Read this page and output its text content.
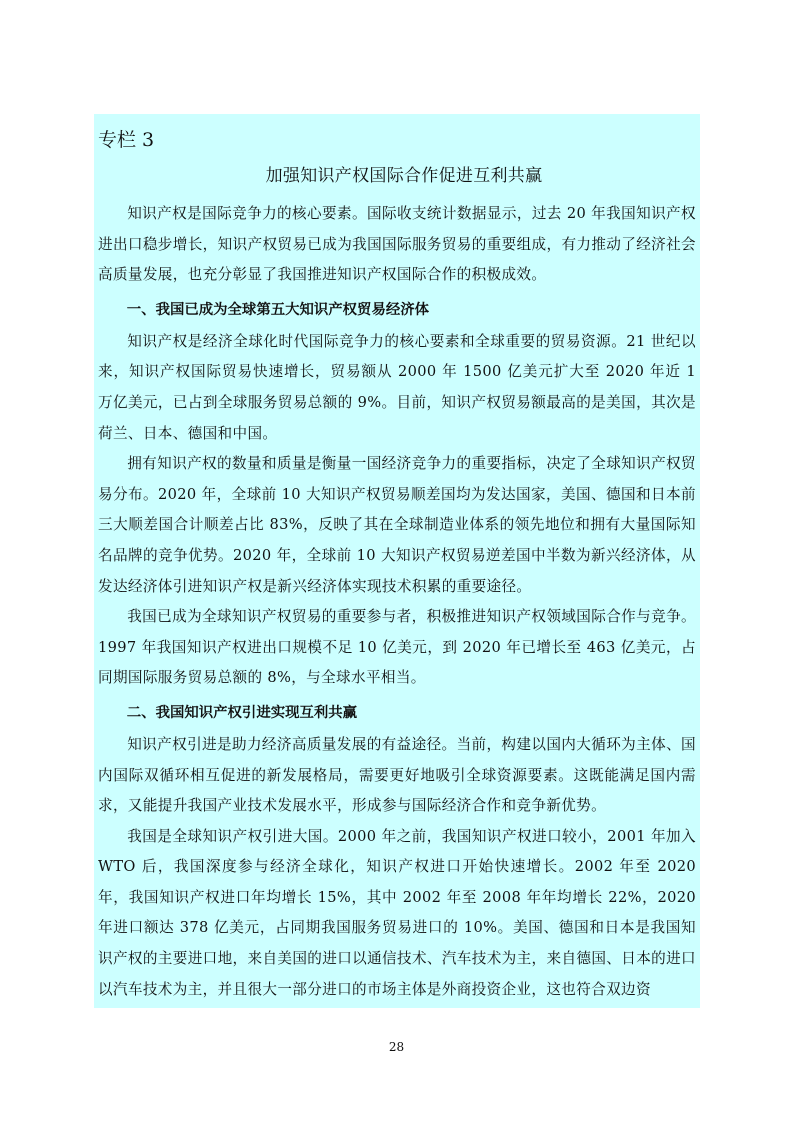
专栏 3
加强知识产权国际合作促进互利共赢

知识产权是国际竞争力的核心要素。国际收支统计数据显示，过去 20 年我国知识产权进出口稳步增长，知识产权贸易已成为我国国际服务贸易的重要组成，有力推动了经济社会高质量发展，也充分彰显了我国推进知识产权国际合作的积极成效。

一、我国已成为全球第五大知识产权贸易经济体

知识产权是经济全球化时代国际竞争力的核心要素和全球重要的贸易资源。21 世纪以来，知识产权国际贸易快速增长，贸易额从 2000 年 1500 亿美元扩大至 2020 年近 1 万亿美元，已占到全球服务贸易总额的 9%。目前，知识产权贸易额最高的是美国，其次是荷兰、日本、德国和中国。

拥有知识产权的数量和质量是衡量一国经济竞争力的重要指标，决定了全球知识产权贸易分布。2020 年，全球前 10 大知识产权贸易顺差国均为发达国家，美国、德国和日本前三大顺差国合计顺差占比 83%，反映了其在全球制造业体系的领先地位和拥有大量国际知名品牌的竞争优势。2020 年，全球前 10 大知识产权贸易逆差国中半数为新兴经济体，从发达经济体引进知识产权是新兴经济体实现技术积累的重要途径。

我国已成为全球知识产权贸易的重要参与者，积极推进知识产权领域国际合作与竞争。1997 年我国知识产权进出口规模不足 10 亿美元，到 2020 年已增长至 463 亿美元，占同期国际服务贸易总额的 8%，与全球水平相当。

二、我国知识产权引进实现互利共赢

知识产权引进是助力经济高质量发展的有益途径。当前，构建以国内大循环为主体、国内国际双循环相互促进的新发展格局，需要更好地吸引全球资源要素。这既能满足国内需求，又能提升我国产业技术发展水平，形成参与国际经济合作和竞争新优势。

我国是全球知识产权引进大国。2000 年之前，我国知识产权进口较小，2001 年加入 WTO 后，我国深度参与经济全球化，知识产权进口开始快速增长。2002 年至 2020 年，我国知识产权进口年均增长 15%，其中 2002 年至 2008 年年均增长 22%，2020 年进口额达 378 亿美元，占同期我国服务贸易进口的 10%。美国、德国和日本是我国知识产权的主要进口地，来自美国的进口以通信技术、汽车技术为主，来自德国、日本的进口以汽车技术为主，并且很大一部分进口的市场主体是外商投资企业，这也符合双边资

28
